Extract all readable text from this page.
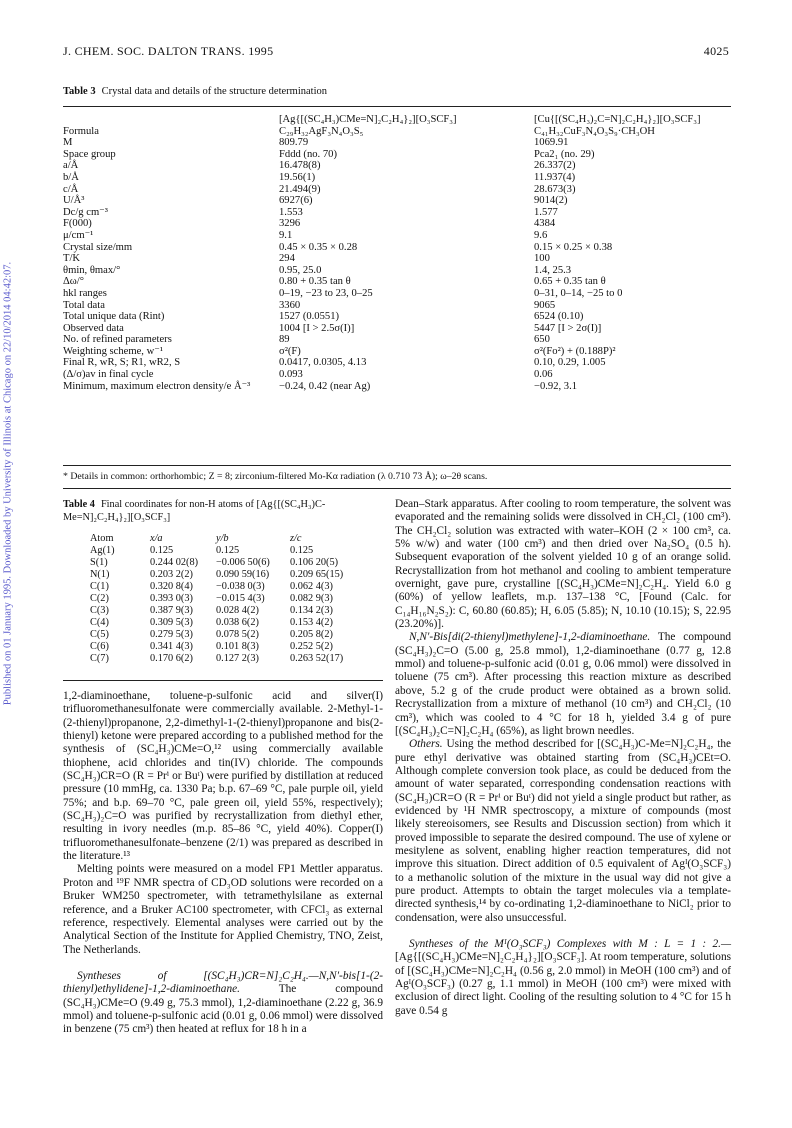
J. CHEM. SOC. DALTON TRANS. 1995	4025
Published on 01 January 1995. Downloaded by University of Illinois at Chicago on 22/10/2014 04:42:07.
Table 3 Crystal data and details of the structure determination
	[Ag{[(SC₄H₃)CMe=N]₂C₂H₄}₂][O₃SCF₃]	[Cu{[(SC₄H₃)₂C=N]₂C₂H₄}₂][O₃SCF₃]
Formula	C₂₉H₃₂AgF₃N₄O₃S₅	C₄₁H₃₂CuF₃N₄O₃S₉·CH₃OH
M	809.79	1069.91
Space group	Fddd (no. 70)	Pca2₁ (no. 29)
a/Å	16.478(8)	26.337(2)
b/Å	19.56(1)	11.937(4)
c/Å	21.494(9)	28.673(3)
U/Å³	6927(6)	9014(2)
Dc/g cm⁻³	1.553	1.577
F(000)	3296	4384
μ/cm⁻¹	9.1	9.6
Crystal size/mm	0.45 × 0.35 × 0.28	0.15 × 0.25 × 0.38
T/K	294	100
θmin, θmax/°	0.95, 25.0	1.4, 25.3
Δω/°	0.80 + 0.35 tan θ	0.65 + 0.35 tan θ
hkl ranges	0–19, −23 to 23, 0–25	0–31, 0–14, −25 to 0
Total data	3360	9065
Total unique data (Rint)	1527 (0.0551)	6524 (0.10)
Observed data	1004 [I > 2.5σ(I)]	5447 [I > 2σ(I)]
No. of refined parameters	89	650
Weighting scheme, w⁻¹	σ²(F)	σ²(Fo²) + (0.188P)²
Final R, wR, S; R1, wR2, S	0.0417, 0.0305, 4.13	0.10, 0.29, 1.005
(Δ/σ)av in final cycle	0.093	0.06
Minimum, maximum electron density/e Å⁻³	−0.24, 0.42 (near Ag)	−0.92, 3.1
* Details in common: orthorhombic; Z = 8; zirconium-filtered Mo-Kα radiation (λ 0.710 73 Å); ω–2θ scans.
Table 4 Final coordinates for non-H atoms of [Ag{[(SC₄H₃)C-Me=N]₂C₂H₄}₂][O₃SCF₃]
Atom	x/a	y/b	z/c
Ag(1)	0.125	0.125	0.125
S(1)	0.244 02(8)	−0.006 50(6)	0.106 20(5)
N(1)	0.203 2(2)	0.090 59(16)	0.209 65(15)
C(1)	0.320 8(4)	−0.038 0(3)	0.062 4(3)
C(2)	0.393 0(3)	−0.015 4(3)	0.082 9(3)
C(3)	0.387 9(3)	0.028 4(2)	0.134 2(3)
C(4)	0.309 5(3)	0.038 6(2)	0.153 4(2)
C(5)	0.279 5(3)	0.078 5(2)	0.205 8(2)
C(6)	0.341 4(3)	0.101 8(3)	0.252 5(2)
C(7)	0.170 6(2)	0.127 2(3)	0.263 52(17)

1,2-diaminoethane, toluene-p-sulfonic acid and silver(I) trifluoromethanesulfonate were commercially available. 2-Methyl-1-(2-thienyl)propanone, 2,2-dimethyl-1-(2-thienyl)propanone and bis(2-thienyl) ketone were prepared according to a published method for the synthesis of (SC₄H₃)CMe=O,¹² using commercially available thiophene, acid chlorides and tin(IV) chloride. The compounds (SC₄H₃)CR=O (R = Prⁱ or Buᵗ) were purified by distillation at reduced pressure (10 mmHg, ca. 1330 Pa; b.p. 67–69 °C, pale purple oil, yield 75%; and b.p. 69–70 °C, pale green oil, yield 55%, respectively); (SC₄H₃)₂C=O was purified by recrystallization from diethyl ether, resulting in ivory needles (m.p. 85–86 °C, yield 40%). Copper(I) trifluoromethanesulfonate–benzene (2/1) was prepared as described in the literature.¹³

Melting points were measured on a model FP1 Mettler apparatus. Proton and ¹⁹F NMR spectra of CD₃OD solutions were recorded on a Bruker WM250 spectrometer, with tetramethylsilane as external reference, and a Bruker AC100 spectrometer, with CFCl₃ as external reference, respectively. Elemental analyses were carried out by the Analytical Section of the Institute for Applied Chemistry, TNO, Zeist, The Netherlands.

Syntheses of [(SC₄H₃)CR=N]₂C₂H₄.—N,N′-bis[1-(2-thienyl)ethylidene]-1,2-diaminoethane. The compound (SC₄H₃)CMe=O (9.49 g, 75.3 mmol), 1,2-diaminoethane (2.22 g, 36.9 mmol) and toluene-p-sulfonic acid (0.01 g, 0.06 mmol) were dissolved in benzene (75 cm³) then heated at reflux for 18 h in a

Dean–Stark apparatus. After cooling to room temperature, the solvent was evaporated and the remaining solids were dissolved in CH₂Cl₂ (100 cm³). The CH₂Cl₂ solution was extracted with water–KOH (2 × 100 cm³, ca. 5% w/w) and water (100 cm³) and then dried over Na₂SO₄ (0.5 h). Subsequent evaporation of the solvent yielded 10 g of an orange solid. Recrystallization from hot methanol and cooling to ambient temperature overnight, gave pure, crystalline [(SC₄H₃)CMe=N]₂C₂H₄. Yield 6.0 g (60%) of yellow leaflets, m.p. 137–138 °C, [Found (Calc. for C₁₄H₁₆N₂S₂): C, 60.80 (60.85); H, 6.05 (5.85); N, 10.10 (10.15); S, 22.95 (23.20%)].

N,N′-Bis[di(2-thienyl)methylene]-1,2-diaminoethane. The compound (SC₄H₃)₂C=O (5.00 g, 25.8 mmol), 1,2-diaminoethane (0.77 g, 12.8 mmol) and toluene-p-sulfonic acid (0.01 g, 0.06 mmol) were dissolved in toluene (75 cm³). After processing this reaction mixture as described above, 5.2 g of the crude product were obtained as a brown solid. Recrystallization from a mixture of methanol (10 cm³) and CH₂Cl₂ (10 cm³), which was cooled to 4 °C for 18 h, yielded 3.4 g of pure [(SC₄H₃)₂C=N]₂C₂H₄ (65%), as light brown needles.

Others. Using the method described for [(SC₄H₃)C-Me=N]₂C₂H₄, the pure ethyl derivative was obtained starting from (SC₄H₃)CEt=O. Although complete conversion took place, as could be deduced from the amount of water separated, corresponding condensation reactions with (SC₄H₃)CR=O (R = Prⁱ or Buᵗ) did not yield a single product but rather, as evidenced by ¹H NMR spectroscopy, a mixture of compounds (most likely stereoisomers, see Results and Discussion section) from which it proved impossible to separate the desired compound. The use of xylene or mesitylene as solvent, enabling higher reaction temperatures, did not improve this situation. Direct addition of 0.5 equivalent of Agᴵ(O₃SCF₃) to a methanolic solution of the mixture in the usual way did not give a pure product. Attempts to obtain the target molecules via a template-directed synthesis,¹⁴ by co-ordinating 1,2-diaminoethane to NiCl₂ prior to condensation, were also unsuccessful.

Syntheses of the Mᴵ(O₃SCF₃) Complexes with M : L = 1 : 2.—[Ag{[(SC₄H₃)CMe=N]₂C₂H₄}₂][O₃SCF₃]. At room temperature, solutions of [(SC₄H₃)CMe=N]₂C₂H₄ (0.56 g, 2.0 mmol) in MeOH (100 cm³) and of Agᴵ(O₃SCF₃) (0.27 g, 1.1 mmol) in MeOH (100 cm³) were mixed with exclusion of direct light. Cooling of the resulting solution to 4 °C for 15 h gave 0.54 g
